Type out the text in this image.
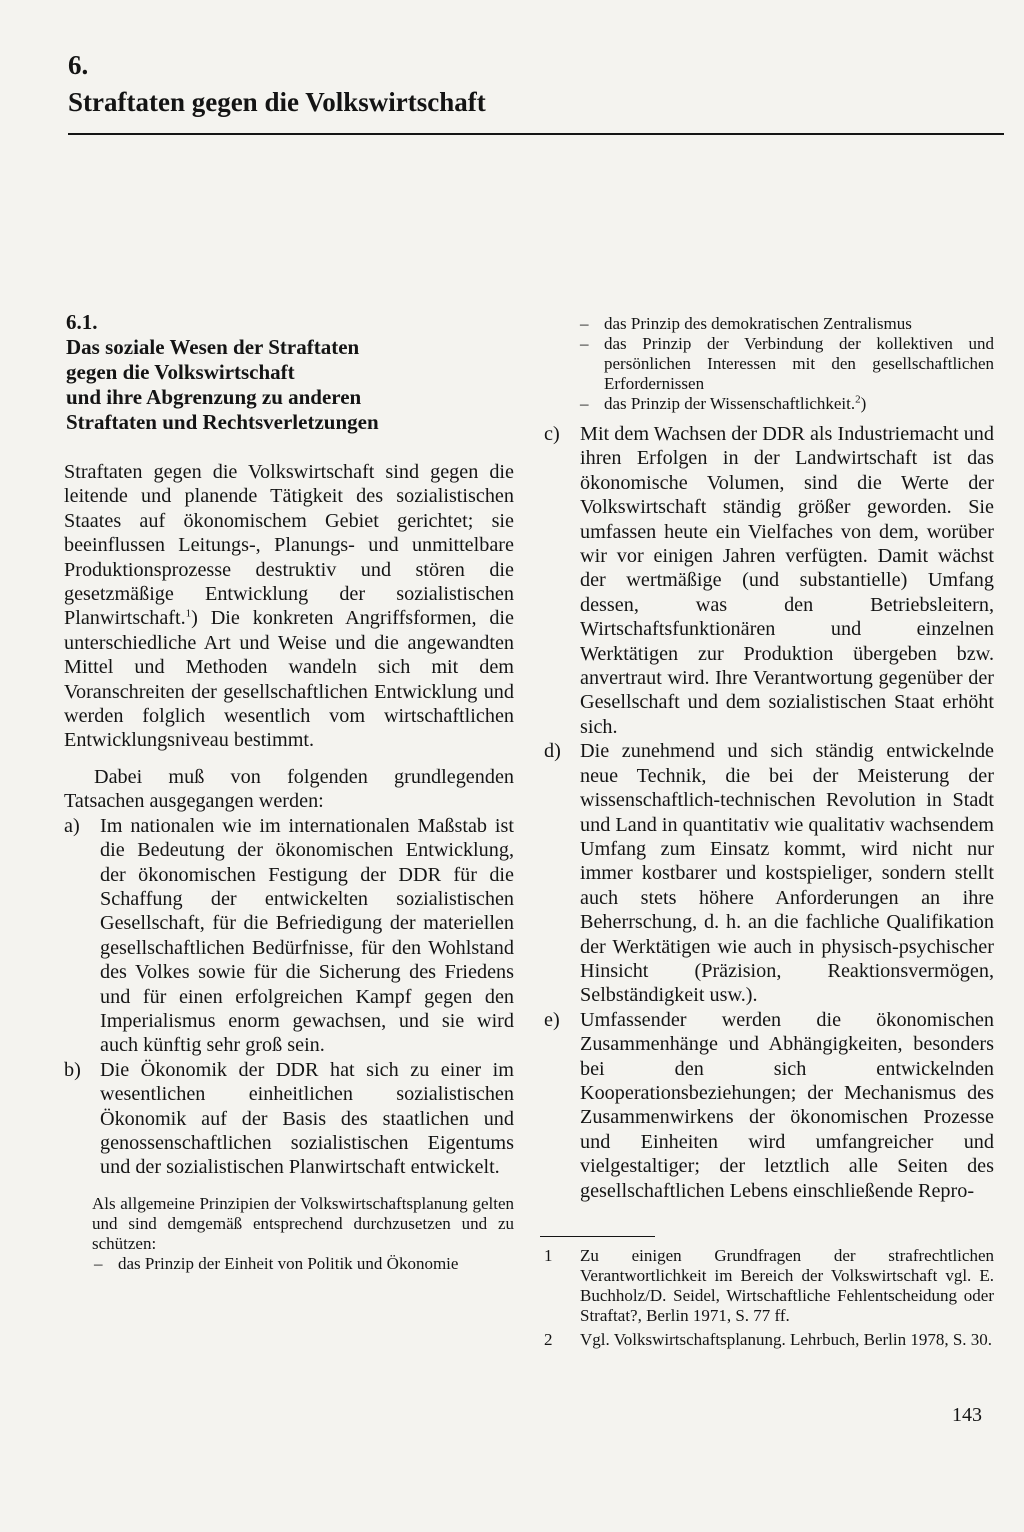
6.
Straftaten gegen die Volkswirtschaft
6.1.
Das soziale Wesen der Straftaten
gegen die Volkswirtschaft
und ihre Abgrenzung zu anderen
Straftaten und Rechtsverletzungen

Straftaten gegen die Volkswirtschaft sind gegen die leitende und planende Tätigkeit des sozialistischen Staates auf ökonomischem Gebiet gerichtet; sie beeinflussen Leitungs-, Planungs- und unmittelbare Produktionsprozesse destruktiv und stören die gesetzmäßige Entwicklung der sozialistischen Planwirtschaft.$^1$) Die konkreten Angriffsformen, die unterschiedliche Art und Weise und die angewandten Mittel und Methoden wandeln sich mit dem Voranschreiten der gesellschaftlichen Entwicklung und werden folglich wesentlich vom wirtschaftlichen Entwicklungsniveau bestimmt.

Dabei muß von folgenden grundlegenden Tatsachen ausgegangen werden:

a) Im nationalen wie im internationalen Maßstab ist die Bedeutung der ökonomischen Entwicklung, der ökonomischen Festigung der DDR für die Schaffung der entwickelten sozialistischen Gesellschaft, für die Befriedigung der materiellen gesellschaftlichen Bedürfnisse, für den Wohlstand des Volkes sowie für die Sicherung des Friedens und für einen erfolgreichen Kampf gegen den Imperialismus enorm gewachsen, und sie wird auch künftig sehr groß sein.
b) Die Ökonomik der DDR hat sich zu einer im wesentlichen einheitlichen sozialistischen Ökonomik auf der Basis des staatlichen und genossenschaftlichen sozialistischen Eigentums und der sozialistischen Planwirtschaft entwickelt.

Als allgemeine Prinzipien der Volkswirtschaftsplanung gelten und sind demgemäß entsprechend durchzusetzen und zu schützen:

– das Prinzip der Einheit von Politik und Ökonomie
– das Prinzip des demokratischen Zentralismus
– das Prinzip der Verbindung der kollektiven und persönlichen Interessen mit den gesellschaftlichen Erfordernissen
– das Prinzip der Wissenschaftlichkeit.$^2$)
c) Mit dem Wachsen der DDR als Industriemacht und ihren Erfolgen in der Landwirtschaft ist das ökonomische Volumen, sind die Werte der Volkswirtschaft ständig größer geworden. Sie umfassen heute ein Vielfaches von dem, worüber wir vor einigen Jahren verfügten. Damit wächst der wertmäßige (und substantielle) Umfang dessen, was den Betriebsleitern, Wirtschaftsfunktionären und einzelnen Werktätigen zur Produktion übergeben bzw. anvertraut wird. Ihre Verantwortung gegenüber der Gesellschaft und dem sozialistischen Staat erhöht sich.
d) Die zunehmend und sich ständig entwickelnde neue Technik, die bei der Meisterung der wissenschaftlich-technischen Revolution in Stadt und Land in quantitativ wie qualitativ wachsendem Umfang zum Einsatz kommt, wird nicht nur immer kostbarer und kostspieliger, sondern stellt auch stets höhere Anforderungen an ihre Beherrschung, d. h. an die fachliche Qualifikation der Werktätigen wie auch in physisch-psychischer Hinsicht (Präzision, Reaktionsvermögen, Selbständigkeit usw.).
e) Umfassender werden die ökonomischen Zusammenhänge und Abhängigkeiten, besonders bei den sich entwickelnden Kooperationsbeziehungen; der Mechanismus des Zusammenwirkens der ökonomischen Prozesse und Einheiten wird umfangreicher und vielgestaltiger; der letztlich alle Seiten des gesellschaftlichen Lebens einschließende Repro-
1 Zu einigen Grundfragen der strafrechtlichen Verantwortlichkeit im Bereich der Volkswirtschaft vgl. E. Buchholz/D. Seidel, Wirtschaftliche Fehlentscheidung oder Straftat?, Berlin 1971, S. 77 ff.
2 Vgl. Volkswirtschaftsplanung. Lehrbuch, Berlin 1978, S. 30.
143
